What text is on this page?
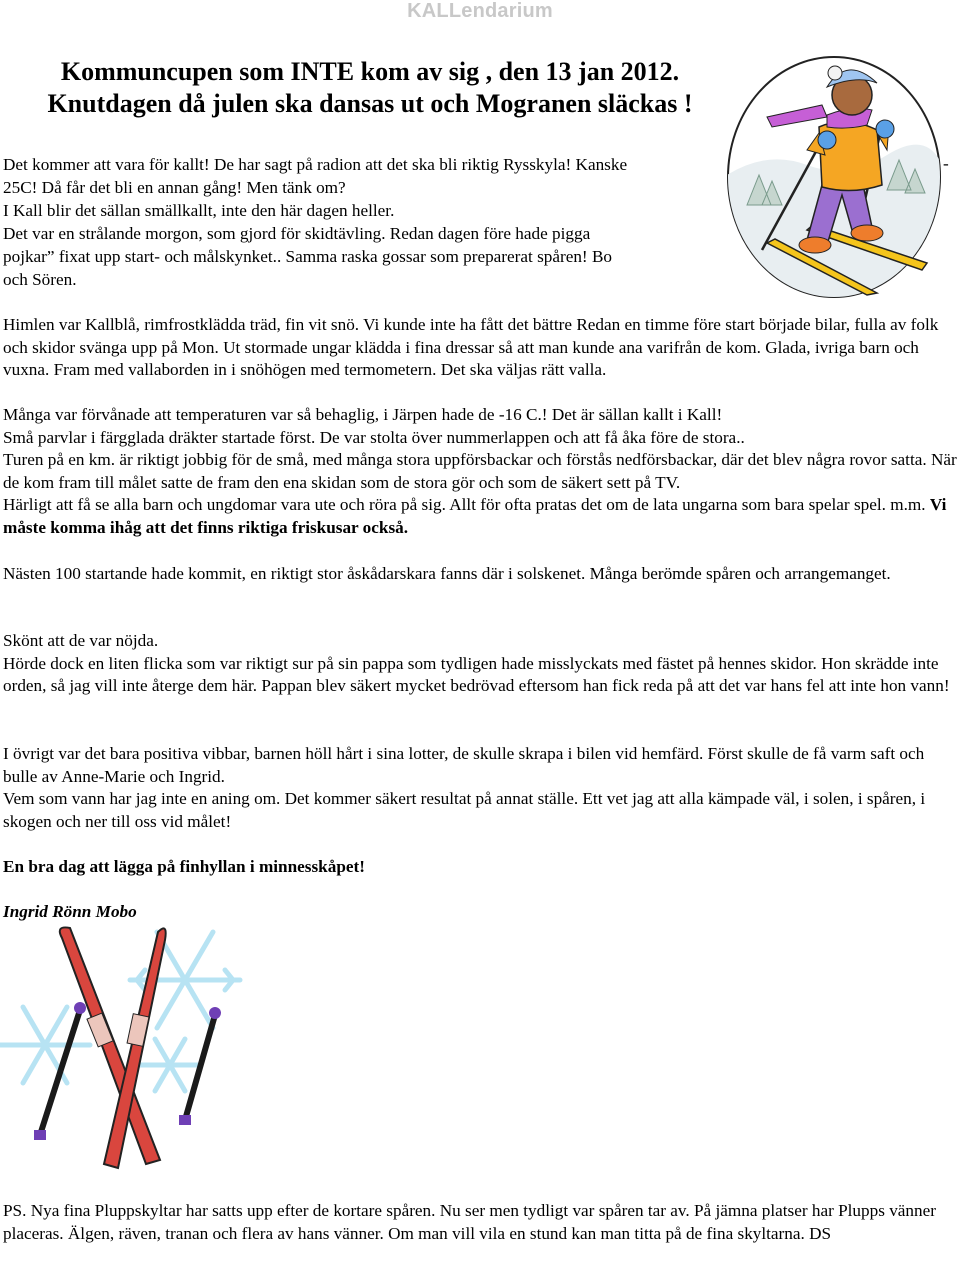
KALLendarium
Kommuncupen som INTE kom av sig , den 13 jan 2012.
Knutdagen då julen ska dansas ut och Mogranen släckas !
Det kommer att vara för kallt! De har sagt på radion att det ska bli riktig Rysskyla! Kanske	-
25C! Då får det bli en annan gång! Men tänk om?
I Kall blir det sällan smällkallt, inte den här dagen heller.
Det var en strålande morgon, som gjord för skidtävling. Redan dagen före hade pigga
pojkar” fixat upp start- och målskynket.. Samma raska gossar som preparerat spåren! Bo
och Sören.

Himlen var Kallblå, rimfrostklädda träd, fin vit snö. Vi kunde inte ha fått det bättre Redan en timme före start började bilar, fulla av folk och skidor svänga upp på Mon. Ut stormade ungar klädda i fina dressar så att man kunde ana varifrån de kom. Glada, ivriga barn och vuxna. Fram med vallaborden in i snöhögen med termometern. Det ska väljas rätt valla.

Många var förvånade att temperaturen var så behaglig, i Järpen hade de -16 C.! Det är sällan kallt i Kall!
Små parvlar i färgglada dräkter startade först. De var stolta över nummerlappen och att få åka före de stora..
Turen på en km. är riktigt jobbig för de små, med många stora uppförsbackar och förstås nedförsbackar, där det blev några rovor satta. När de kom fram till målet satte de fram den ena skidan som de stora gör och som de säkert sett på TV.
Härligt att få se alla barn och ungdomar vara ute och röra på sig. Allt för ofta pratas det om de lata ungarna som bara spelar spel. m.m. Vi måste komma ihåg att det finns riktiga friskusar också.

Nästen 100 startande hade kommit, en riktigt stor åskådarskara fanns där i solskenet. Många berömde spåren och arrangemanget.

Skönt att de var nöjda.
Hörde dock en liten flicka som var riktigt sur på sin pappa som tydligen hade misslyckats med fästet på hennes skidor. Hon skrädde inte orden, så jag vill inte återge dem här. Pappan blev säkert mycket bedrövad eftersom han fick reda på att det var hans fel att inte hon vann!
I övrigt var det bara positiva vibbar, barnen höll hårt i sina lotter, de skulle skrapa i bilen vid hemfärd. Först skulle de få varm saft och bulle av Anne-Marie och Ingrid.
Vem som vann har jag inte en aning om. Det kommer säkert resultat på annat ställe. Ett vet jag att alla kämpade väl, i solen, i spåren, i skogen och ner till oss vid målet!

En bra dag att lägga på finhyllan i minnesskåpet!

Ingrid Rönn Mobo

PS. Nya fina Pluppskyltar har satts upp efter de kortare spåren. Nu ser men tydligt var spåren tar av. På jämna platser har Plupps vänner placeras. Älgen, räven, tranan och flera av hans vänner. Om man vill vila en stund kan man titta på de fina skyltarna. DS
